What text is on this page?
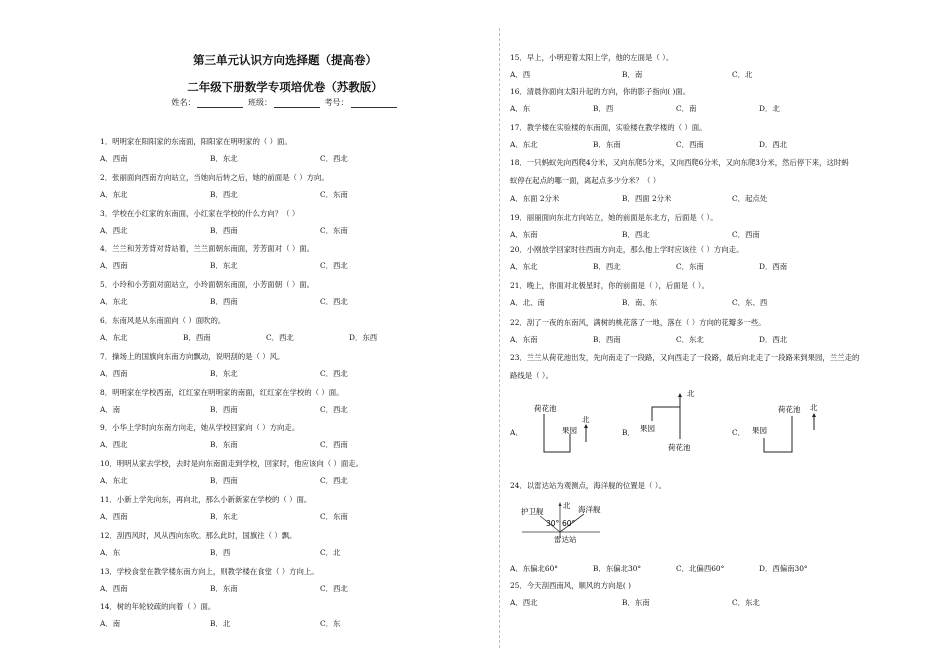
第三单元认识方向选择题（提高卷）
二年级下册数学专项培优卷（苏教版）
姓名：	班级：	考号：
1．明明家在阳阳家的东南面，阳阳家在明明家的（ ）面。
A．西南	B．东北	C．西北
2．张丽面向西南方向站立，当她向后转之后，她的前面是（ ）方向。
A．东北	B．西北	C．东南
3．学校在小红家的东南面，小红家在学校的什么方向？（ ）
A．西北	B．西南	C．东南
4．兰兰和芳芳背对背站着，兰兰面朝东南面，芳芳面对（ ）面。
A．西南	B．东北	C．西北
5．小玲和小芳面对面站立，小玲面朝东南面，小芳面朝（ ）面。
A．东北	B．西南	C．西北
6．东南风是从东南面向（ ）面吹的。
A．东北	B．西南	C．西北	D．东西
7．操场上的国旗向东南方向飘动，说明刮的是（ ）风。
A．西南	B．东北	C．西北
8．明明家在学校西南，红红家在明明家的南面，红红家在学校的（ ）面。
A．南	B．西南	C．西北
9．小华上学时向东南方向走，她从学校回家向（ ）方向走。
A．西北	B．东南	C．西南
10．明明从家去学校，去时是向东南面走到学校，回家时，他应该向（ ）面走。
A．东北	B．西南	C．西北
11．小新上学先向东，再向北，那么小新新家在学校的（ ）面。
A．西南	B．东北	C．东南
12．刮西风时，风从西向东吹。那么此时，国旗往（ ）飘。
A．东	B．西	C．北
13．学校食堂在教学楼东南方向上，则教学楼在食堂（ ）方向上。
A．西南	B．东南	C．西北
14．树的年轮较疏的向着（ ）面。
A．南	B．北	C．东
15．早上，小明迎着太阳上学，他的左面是（ ）。
A．西	B．南	C．北
16．清晨你面向太阳升起的方向，你的影子指向( )面。
A．东	B．西	C．南	D．北
17．教学楼在实验楼的东南面，实验楼在教学楼的（ ）面。
A．东北	B．东南	C．西南	D．西北
18．一只蚂蚁先向西爬4分米，又向东爬5分米，又向西爬6分米，又向东爬3分米，然后停下来，这时蚂
蚁停在起点的哪一面，离起点多少分米？（ ）
A．东面 2分米	B．西面 2分米	C．起点处
19．丽丽面向东北方向站立，她的前面是东北方，后面是（ ）。
A．东南	B．西北	C．西南
20．小刚放学回家时往西南方向走，那么他上学时应该往（ ）方向走。
A．东北	B．西北	C．东南	D．西南
21．晚上，你面对北极星时，你的前面是（ ），后面是（ ）。
A．北、南	B．南、东	C．东、西
22．刮了一夜的东南风，满树的桃花落了一地，落在（ ）方向的花瓣多一些。
A．东南	B．西南	C．东北	D．西北
23．兰兰从荷花池出发，先向南走了一段路，又向西走了一段路，最后向北走了一段路来到果园，兰兰走的
路线是（ ）。
A．	B．	C．
24．以雷达站为观测点，海洋舰的位置是（ ）。
A．东偏北60°	B．东偏北30°	C．北偏西60°	D．西偏南30°
25．今天刮西南风，顺风的方向是( )
A．西北	B．东南	C．东北
荷花池
北
果园
北
果园
荷花池
荷花池 北
果园
北
护卫舰	海洋舰
30° 60°
雷达站
